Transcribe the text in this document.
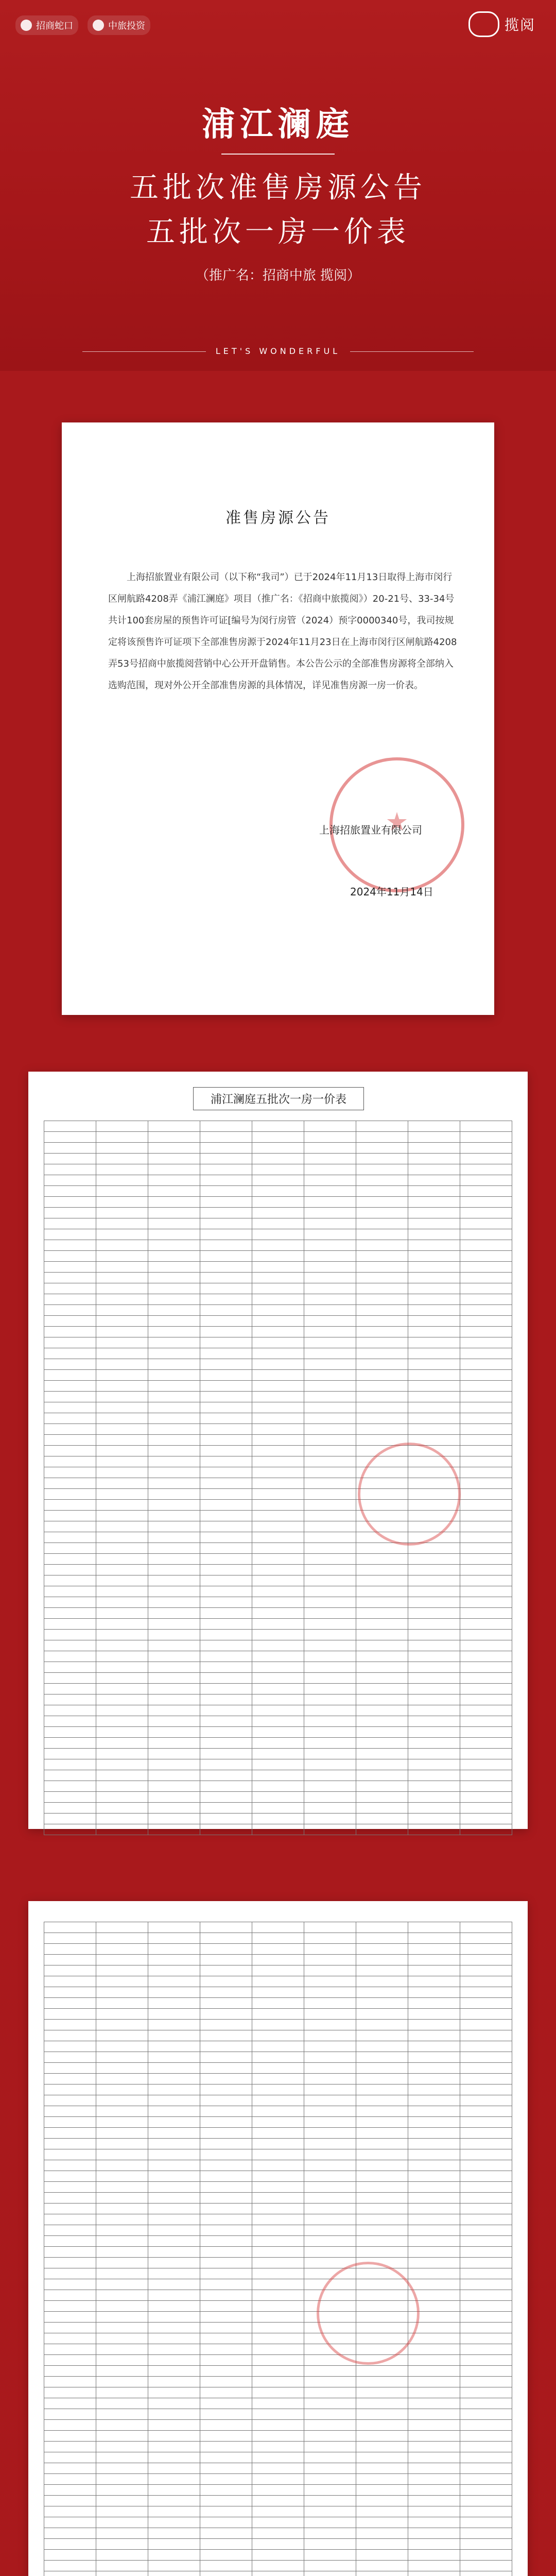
招商蛇口	中旅投资	揽阅
浦江澜庭
五批次准售房源公告
五批次一房一价表
（推广名：招商中旅 揽阅）
LET'S WONDERFUL
准售房源公告
上海招旅置业有限公司（以下称“我司”）已于2024年11月13日取得上海市闵行区闸航路4208弄《浦江澜庭》项目（推广名：《招商中旅揽阅》）20-21号、33-34号共计100套房屋的预售许可证[编号为闵行房管（2024）预字0000340号，我司按规定将该预售许可证项下全部准售房源于2024年11月23日在上海市闵行区闸航路4208弄53号招商中旅揽阅营销中心公开开盘销售。本公告公示的全部准售房源将全部纳入选购范围，现对外公开全部准售房源的具体情况，详见准售房源一房一价表。
上海招旅置业有限公司
2024年11月14日
浦江澜庭五批次一房一价表
